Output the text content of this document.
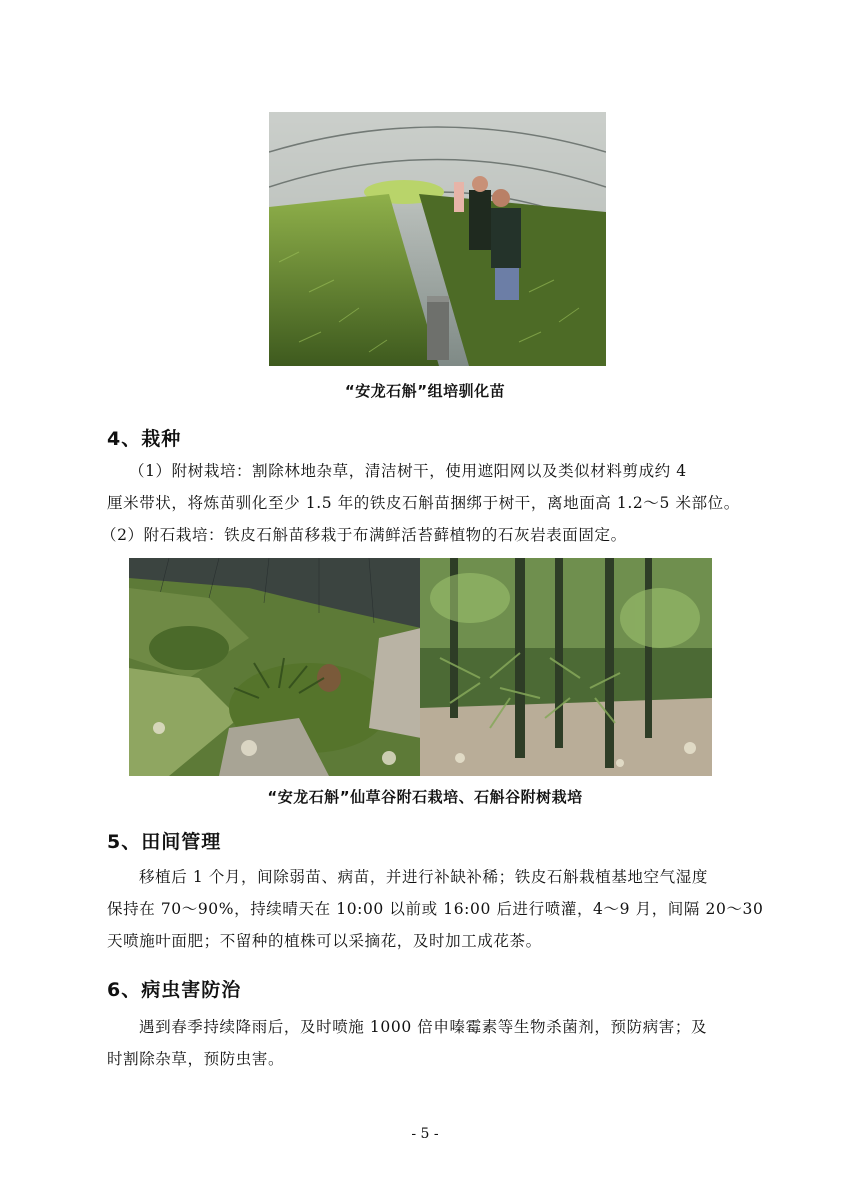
“安龙石斛”组培驯化苗
4、栽种
（1）附树栽培：割除林地杂草，清洁树干，使用遮阳网以及类似材料剪成约 4
厘米带状，将炼苗驯化至少 1.5 年的铁皮石斛苗捆绑于树干，离地面高 1.2～5 米部位。
（2）附石栽培：铁皮石斛苗移栽于布满鲜活苔藓植物的石灰岩表面固定。
“安龙石斛”仙草谷附石栽培、石斛谷附树栽培
5、田间管理
移植后 1 个月，间除弱苗、病苗，并进行补缺补稀；铁皮石斛栽植基地空气湿度
保持在 70～90%，持续晴天在 10:00 以前或 16:00 后进行喷灌，4～9 月，间隔 20～30
天喷施叶面肥；不留种的植株可以采摘花，及时加工成花茶。
6、病虫害防治
遇到春季持续降雨后，及时喷施 1000 倍申嗪霉素等生物杀菌剂，预防病害；及
时割除杂草，预防虫害。
- 5 -
